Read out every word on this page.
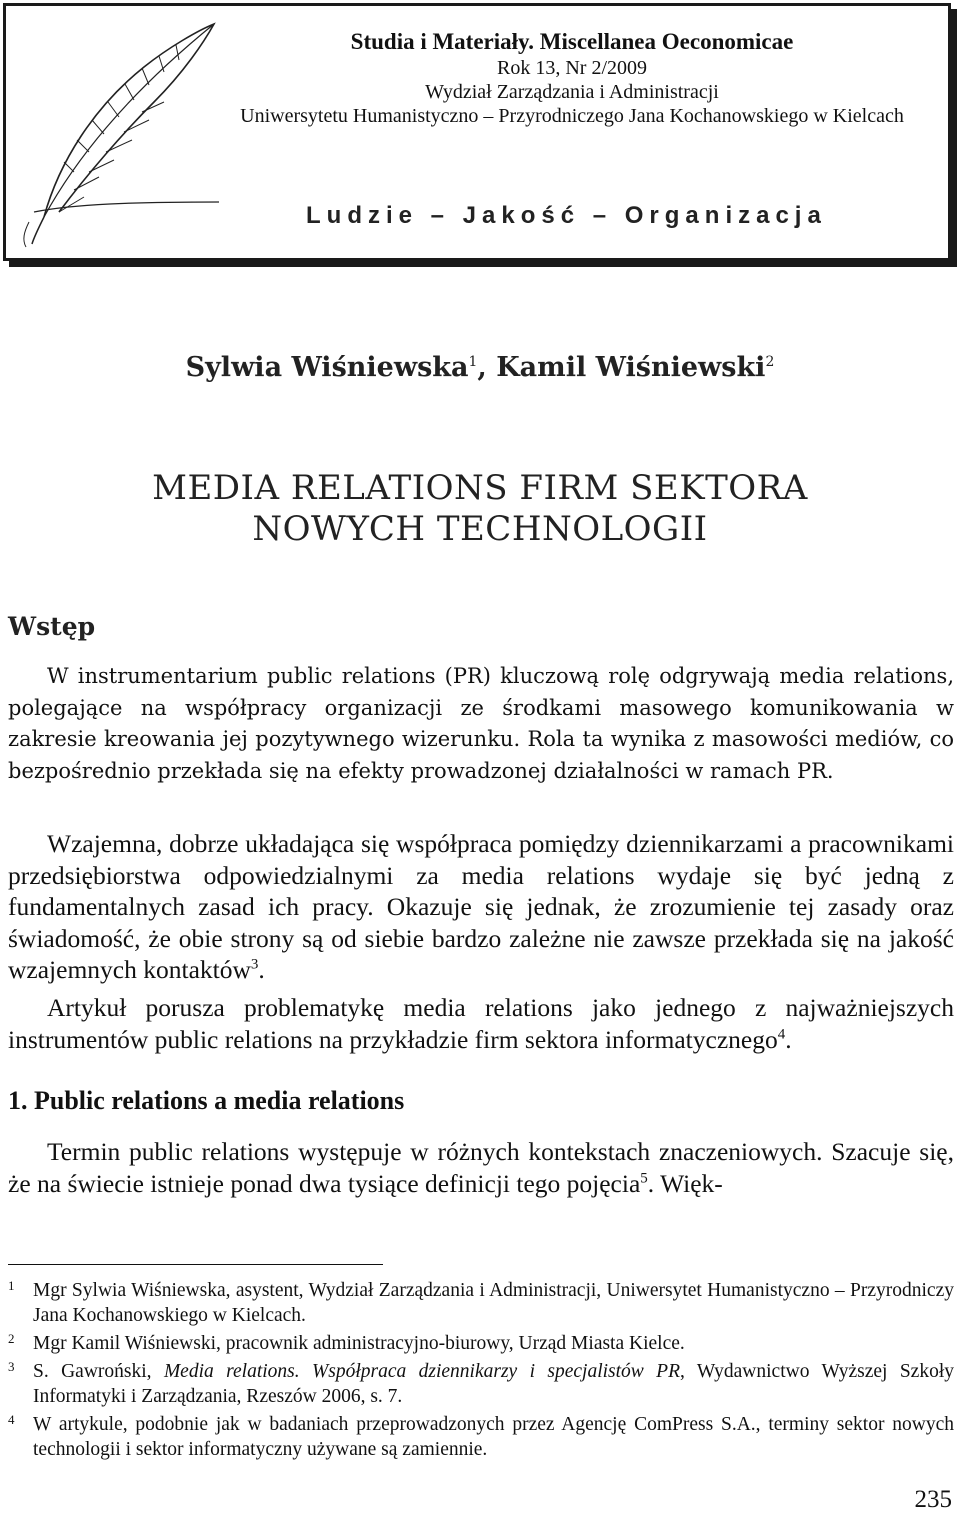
Studia i Materiały. Miscellanea Oeconomicae
Rok 13, Nr 2/2009
Wydział Zarządzania i Administracji
Uniwersytetu Humanistyczno – Przyrodniczego Jana Kochanowskiego w Kielcach
Ludzie – Jakość – Organizacja
Sylwia Wiśniewska$^1$, Kamil Wiśniewski$^2$
MEDIA RELATIONS FIRM SEKTORA
NOWYCH TECHNOLOGII
Wstęp
W instrumentarium public relations (PR) kluczową rolę odgrywają media relations, polegające na współpracy organizacji ze środkami masowego komunikowania w zakresie kreowania jej pozytywnego wizerunku. Rola ta wynika z masowości mediów, co bezpośrednio przekłada się na efekty prowadzonej działalności w ramach PR.
Wzajemna, dobrze układająca się współpraca pomiędzy dziennikarzami a pracownikami przedsiębiorstwa odpowiedzialnymi za media relations wydaje się być jedną z fundamentalnych zasad ich pracy. Okazuje się jednak, że zrozumienie tej zasady oraz świadomość, że obie strony są od siebie bardzo zależne nie zawsze przekłada się na jakość wzajemnych kontaktów$^3$.
Artykuł porusza problematykę media relations jako jednego z najważniejszych instrumentów public relations na przykładzie firm sektora informatycznego$^4$.
1. Public relations a media relations
Termin public relations występuje w różnych kontekstach znaczeniowych. Szacuje się, że na świecie istnieje ponad dwa tysiące definicji tego pojęcia$^5$. Więk-
1 Mgr Sylwia Wiśniewska, asystent, Wydział Zarządzania i Administracji, Uniwersytet Humanistyczno – Przyrodniczy Jana Kochanowskiego w Kielcach.
2 Mgr Kamil Wiśniewski, pracownik administracyjno-biurowy, Urząd Miasta Kielce.
3 S. Gawroński, Media relations. Współpraca dziennikarzy i specjalistów PR, Wydawnictwo Wyższej Szkoły Informatyki i Zarządzania, Rzeszów 2006, s. 7.
4 W artykule, podobnie jak w badaniach przeprowadzonych przez Agencję ComPress S.A., terminy sektor nowych technologii i sektor informatyczny używane są zamiennie.
235
